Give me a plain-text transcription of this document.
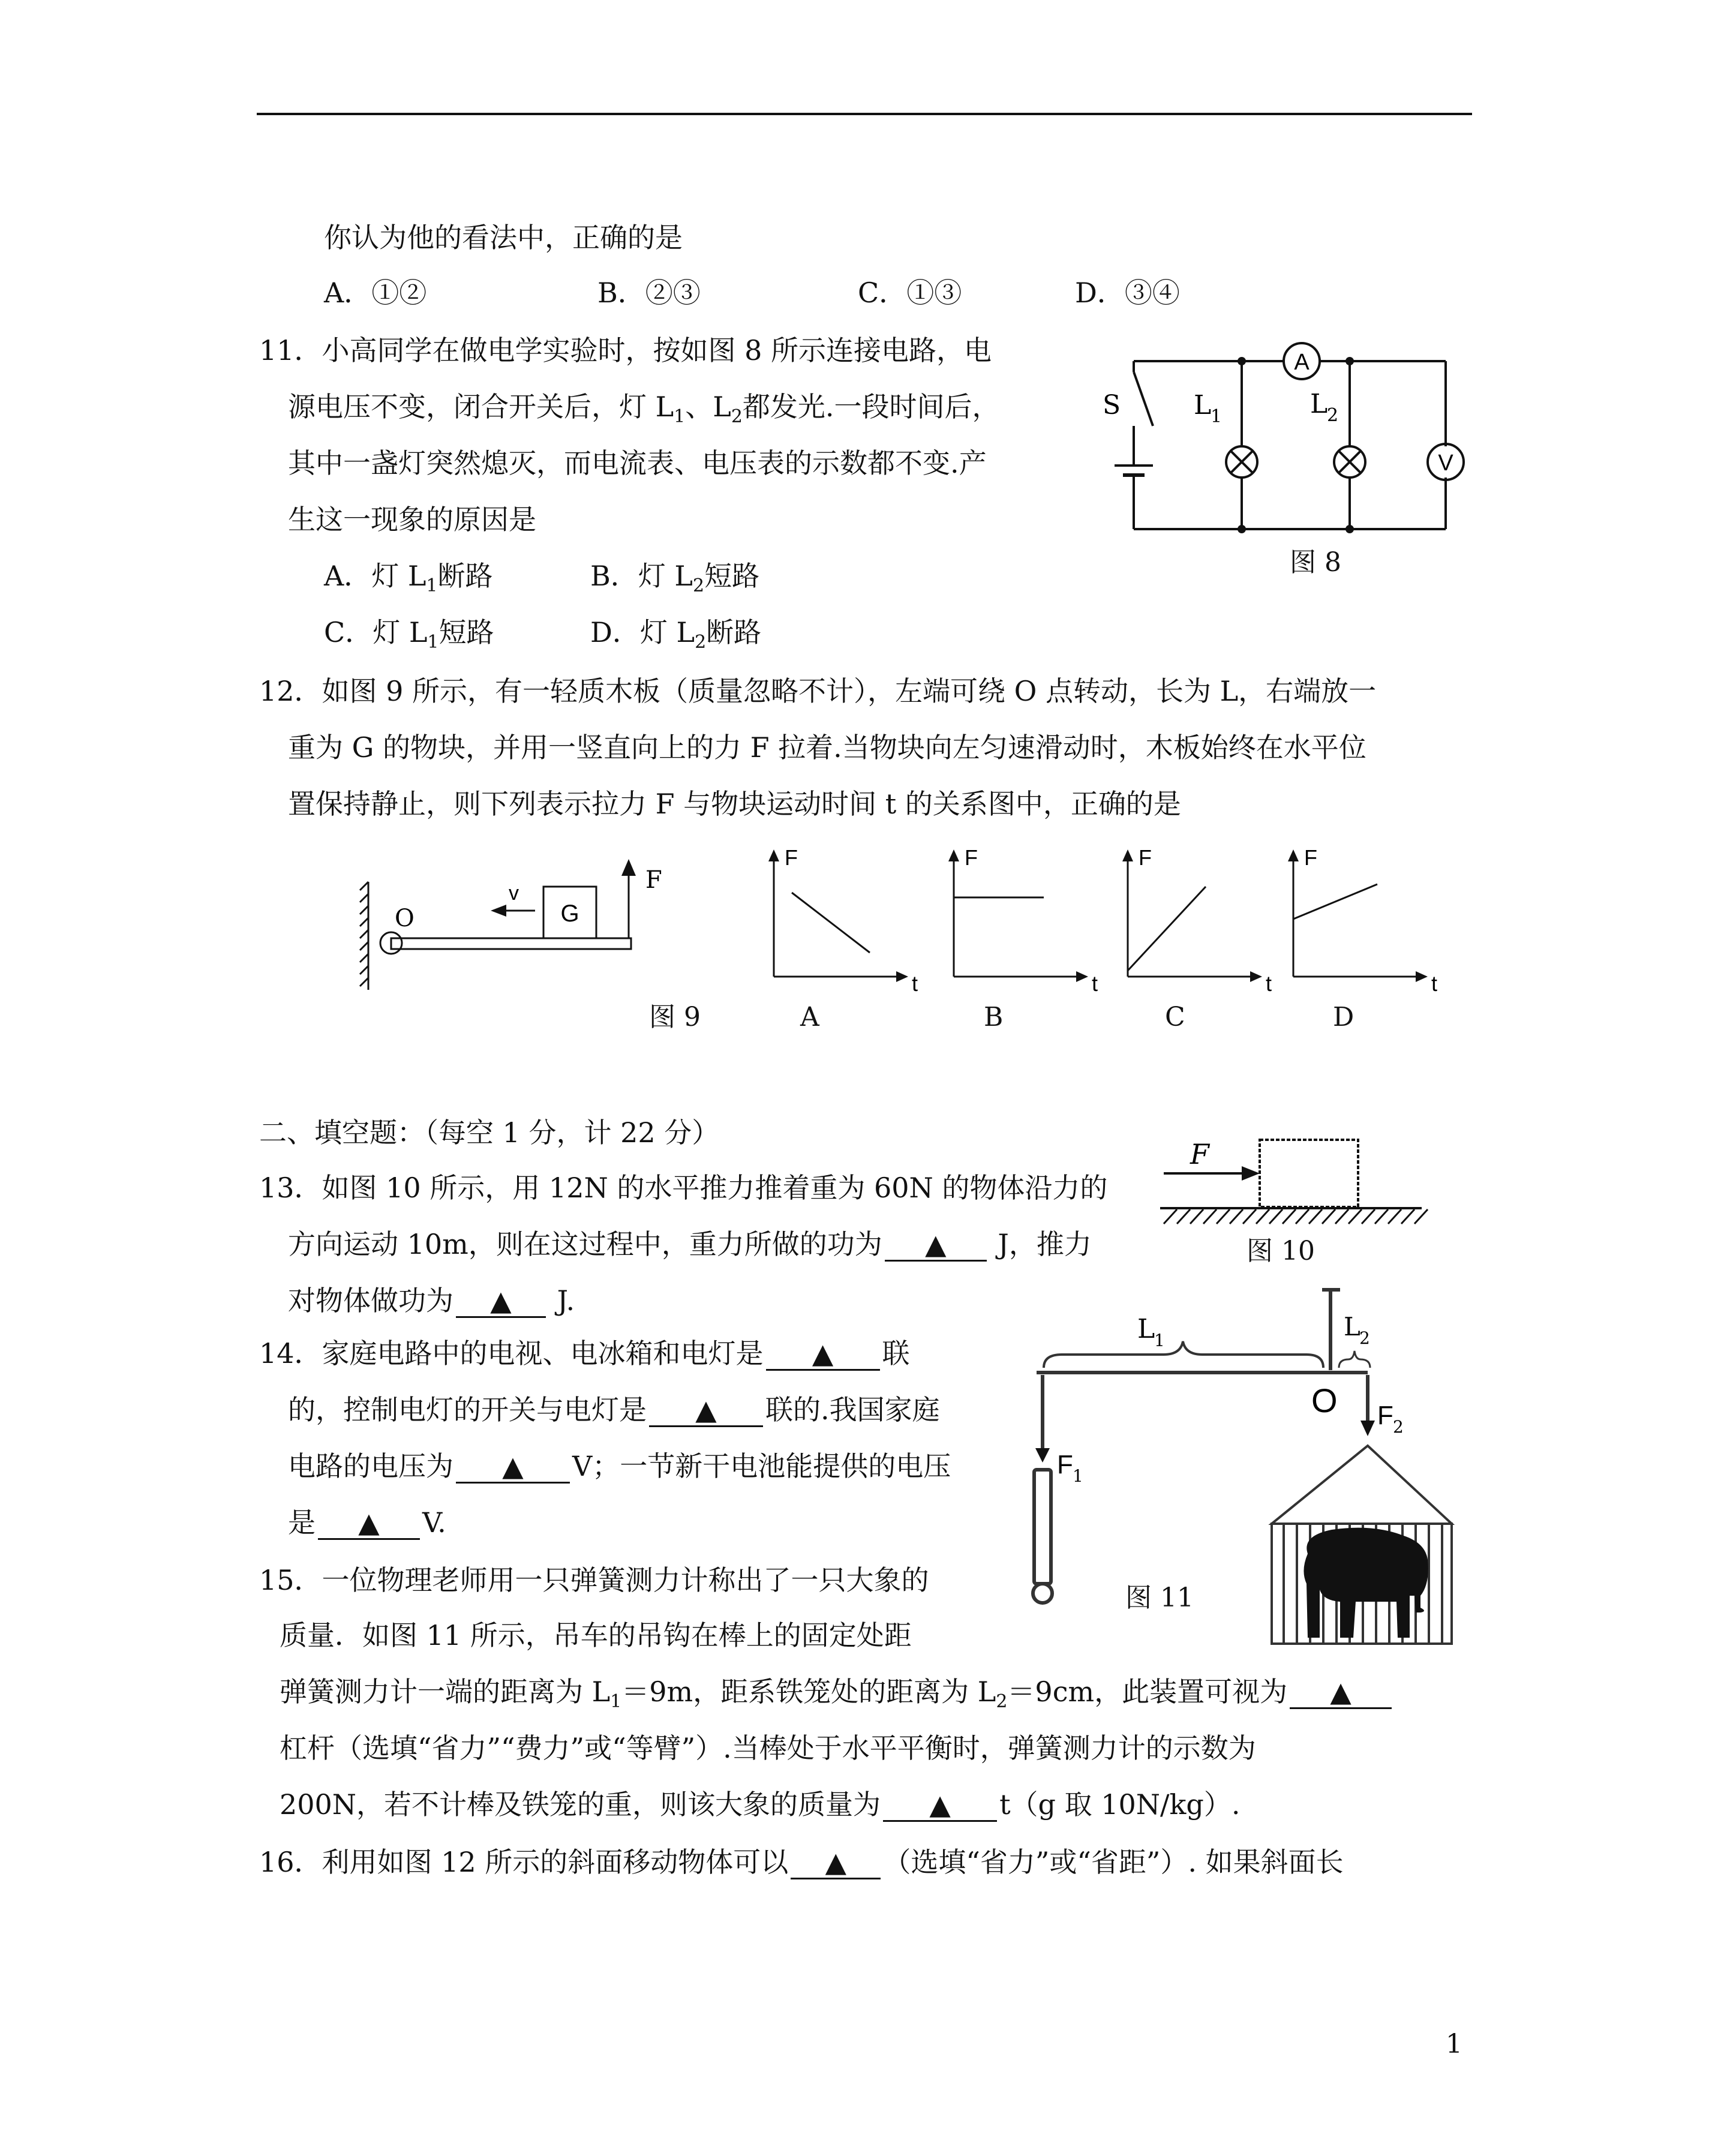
你认为他的看法中，正确的是
A．①②	B．②③	C．①③	D．③④
11．小高同学在做电学实验时，按如图 8 所示连接电路，电
源电压不变，闭合开关后，灯 $L_1$、$L_2$都发光.一段时间后，
其中一盏灯突然熄灭，而电流表、电压表的示数都不变.产
生这一现象的原因是
A．灯 $L_1$断路	B．灯 $L_2$短路
C．灯 $L_1$短路	D．灯 $L_2$断路
A
V
S	L
1	L
2
图 8
12．如图 9 所示，有一轻质木板（质量忽略不计），左端可绕 O 点转动，长为 L，右端放一
重为 G 的物块，并用一竖直向上的力 F 拉着.当物块向左匀速滑动时，木板始终在水平位
置保持静止，则下列表示拉力 F 与物块运动时间 t 的关系图中，正确的是
O
v
G
F
图 9
F
t
F
t
F
t
F
t
A	B	C	D
二、填空题：（每空 1 分，计 22 分）
13．如图 10 所示，用 12N 的水平推力推着重为 60N 的物体沿力的
方向运动 10m，则在这过程中，重力所做的功为 ▲ J，推力
对物体做功为 ▲ J.
F
图 10
14．家庭电路中的电视、电冰箱和电灯是 ▲ 联
的，控制电灯的开关与电灯是 ▲ 联的.我国家庭
电路的电压为 ▲ V；一节新干电池能提供的电压
是 ▲ V.
15．一位物理老师用一只弹簧测力计称出了一只大象的
质量．如图 11 所示，吊车的吊钩在棒上的固定处距
弹簧测力计一端的距离为 $L_1=9m$，距系铁笼处的距离为 $L_2=9cm$，此装置可视为 ▲
杠杆（选填“省力”“费力”或“等臂”）.当棒处于水平平衡时，弹簧测力计的示数为
200N，若不计棒及铁笼的重，则该大象的质量为 ▲ t（g 取 10N/kg）.
L
1	L
2
O F 2
F 1
图 11
16．利用如图 12 所示的斜面移动物体可以 ▲ （选填“省力”或“省距”）. 如果斜面长
1
